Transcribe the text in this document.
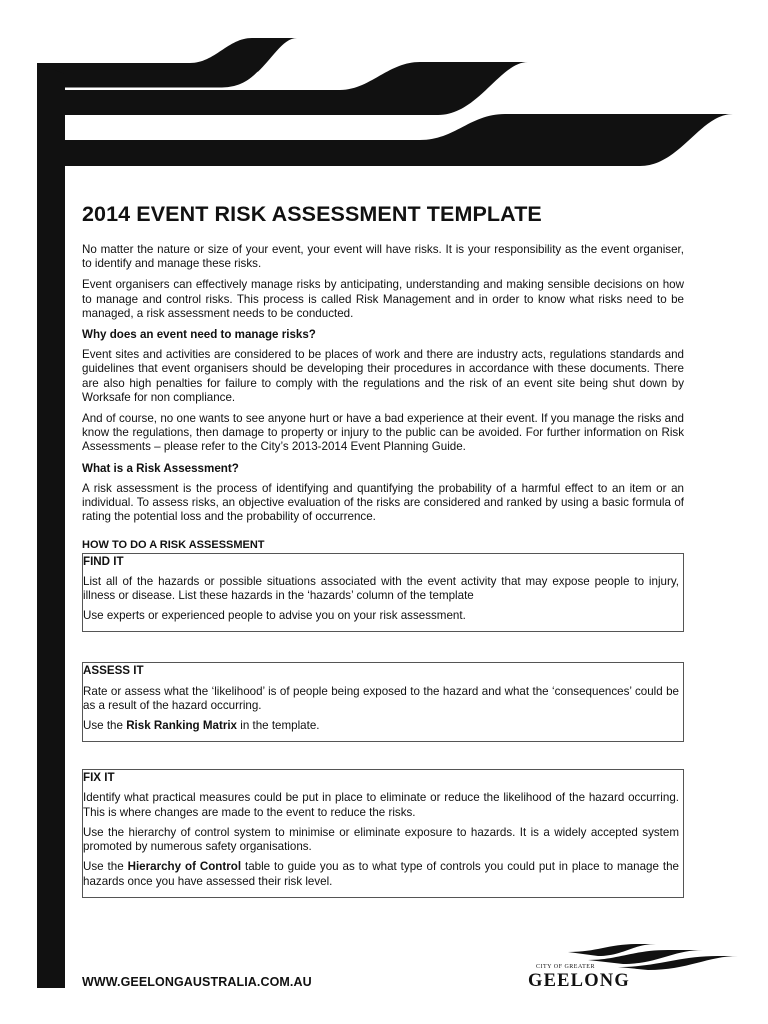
2014 EVENT RISK ASSESSMENT TEMPLATE

No matter the nature or size of your event, your event will have risks. It is your responsibility as the event organiser, to identify and manage these risks.

Event organisers can effectively manage risks by anticipating, understanding and making sensible decisions on how to manage and control risks. This process is called Risk Management and in order to know what risks need to be managed, a risk assessment needs to be conducted.

Why does an event need to manage risks?

Event sites and activities are considered to be places of work and there are industry acts, regulations standards and guidelines that event organisers should be developing their procedures in accordance with these documents. There are also high penalties for failure to comply with the regulations and the risk of an event site being shut down by Worksafe for non compliance.

And of course, no one wants to see anyone hurt or have a bad experience at their event. If you manage the risks and know the regulations, then damage to property or injury to the public can be avoided. For further information on Risk Assessments – please refer to the City’s 2013-2014 Event Planning Guide.

What is a Risk Assessment?

A risk assessment is the process of identifying and quantifying the probability of a harmful effect to an item or an individual. To assess risks, an objective evaluation of the risks are considered and ranked by using a basic formula of rating the potential loss and the probability of occurrence.

HOW TO DO A RISK ASSESSMENT

FIND IT

List all of the hazards or possible situations associated with the event activity that may expose people to injury, illness or disease. List these hazards in the ‘hazards’ column of the template

Use experts or experienced people to advise you on your risk assessment.

ASSESS IT

Rate or assess what the ‘likelihood’ is of people being exposed to the hazard and what the ‘consequences’ could be as a result of the hazard occurring.

Use the Risk Ranking Matrix in the template.

FIX IT

Identify what practical measures could be put in place to eliminate or reduce the likelihood of the hazard occurring. This is where changes are made to the event to reduce the risks.

Use the hierarchy of control system to minimise or eliminate exposure to hazards. It is a widely accepted system promoted by numerous safety organisations.

Use the Hierarchy of Control table to guide you as to what type of controls you could put in place to manage the hazards once you have assessed their risk level.

WWW.GEELONGAUSTRALIA.COM.AU
CITY OF GREATER
GEELONG
